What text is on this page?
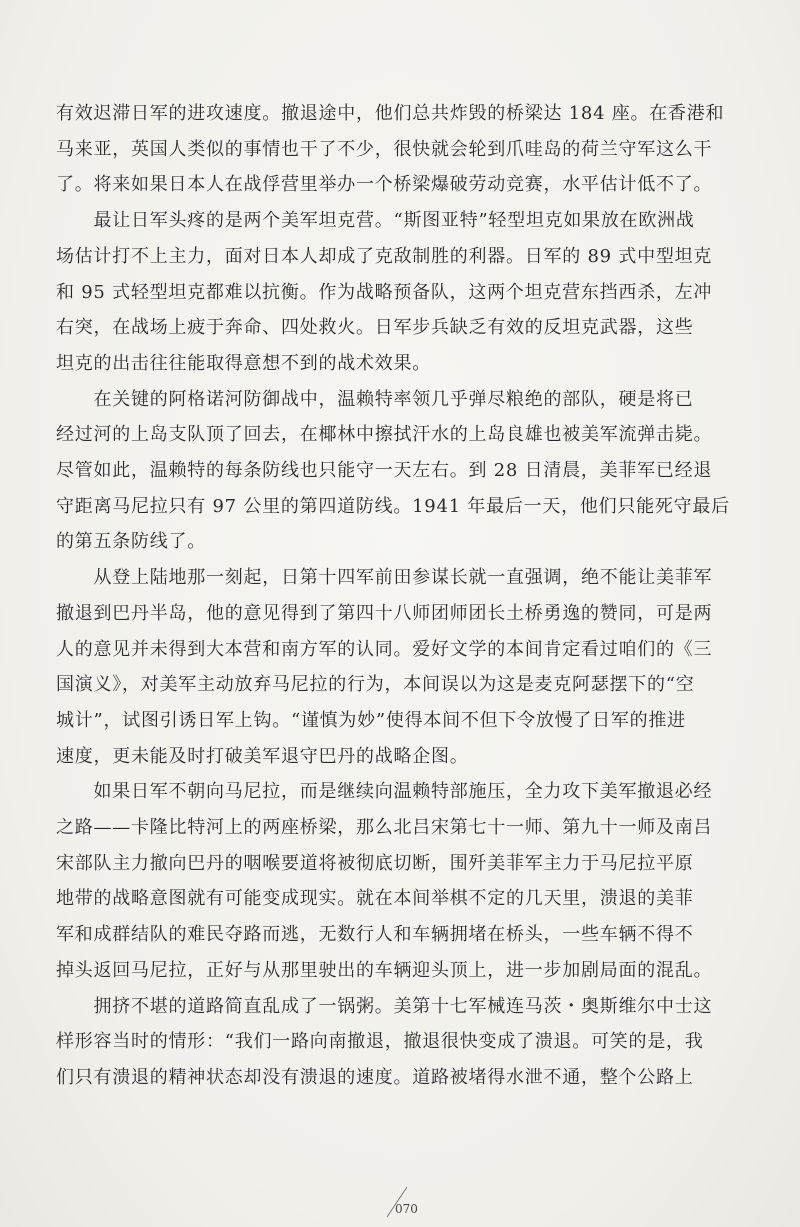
有效迟滞日军的进攻速度。撤退途中，他们总共炸毁的桥梁达 184 座。在香港和

马来亚，英国人类似的事情也干了不少，很快就会轮到爪哇岛的荷兰守军这么干

了。将来如果日本人在战俘营里举办一个桥梁爆破劳动竞赛，水平估计低不了。

　　最让日军头疼的是两个美军坦克营。“斯图亚特”轻型坦克如果放在欧洲战

场估计打不上主力，面对日本人却成了克敌制胜的利器。日军的 89 式中型坦克

和 95 式轻型坦克都难以抗衡。作为战略预备队，这两个坦克营东挡西杀，左冲

右突，在战场上疲于奔命、四处救火。日军步兵缺乏有效的反坦克武器，这些

坦克的出击往往能取得意想不到的战术效果。

　　在关键的阿格诺河防御战中，温赖特率领几乎弹尽粮绝的部队，硬是将已

经过河的上岛支队顶了回去，在椰林中擦拭汗水的上岛良雄也被美军流弹击毙。

尽管如此，温赖特的每条防线也只能守一天左右。到 28 日清晨，美菲军已经退

守距离马尼拉只有 97 公里的第四道防线。1941 年最后一天，他们只能死守最后

的第五条防线了。

　　从登上陆地那一刻起，日第十四军前田参谋长就一直强调，绝不能让美菲军

撤退到巴丹半岛，他的意见得到了第四十八师团师团长土桥勇逸的赞同，可是两

人的意见并未得到大本营和南方军的认同。爱好文学的本间肯定看过咱们的《三

国演义》，对美军主动放弃马尼拉的行为，本间误以为这是麦克阿瑟摆下的“空

城计”，试图引诱日军上钩。“谨慎为妙”使得本间不但下令放慢了日军的推进

速度，更未能及时打破美军退守巴丹的战略企图。

　　如果日军不朝向马尼拉，而是继续向温赖特部施压，全力攻下美军撤退必经

之路——卡隆比特河上的两座桥梁，那么北吕宋第七十一师、第九十一师及南吕

宋部队主力撤向巴丹的咽喉要道将被彻底切断，围歼美菲军主力于马尼拉平原

地带的战略意图就有可能变成现实。就在本间举棋不定的几天里，溃退的美菲

军和成群结队的难民夺路而逃，无数行人和车辆拥堵在桥头，一些车辆不得不

掉头返回马尼拉，正好与从那里驶出的车辆迎头顶上，进一步加剧局面的混乱。

　　拥挤不堪的道路简直乱成了一锅粥。美第十七军械连马茨・奥斯维尔中士这

样形容当时的情形：“我们一路向南撤退，撤退很快变成了溃退。可笑的是，我

们只有溃退的精神状态却没有溃退的速度。道路被堵得水泄不通，整个公路上

070
